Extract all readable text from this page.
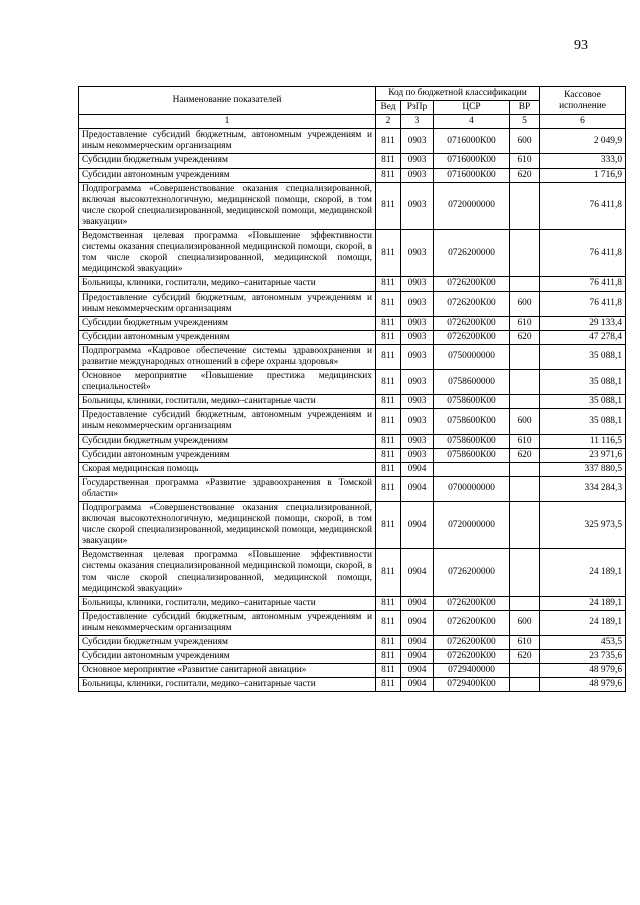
93
Наименование показателей	Код по бюджетной классификации				Кассовое исполнение
	Вед	РзПр	ЦСР	ВР	
1	2	3	4	5	6
Предоставление субсидий бюджетным, автономным учреждениям и иным некоммерческим организациям	811	0903	0716000К00	600	2 049,9
Субсидии бюджетным учреждениям	811	0903	0716000К00	610	333,0
Субсидии автономным учреждениям	811	0903	0716000К00	620	1 716,9
Подпрограмма «Совершенствование оказания специализированной, включая высокотехнологичную, медицинской помощи, скорой, в том числе скорой специализированной, медицинской помощи, медицинской эвакуации»	811	0903	0720000000		76 411,8
Ведомственная целевая программа «Повышение эффективности системы оказания специализированной медицинской помощи, скорой, в том числе скорой специализированной, медицинской помощи, медицинской эвакуации»	811	0903	0726200000		76 411,8
Больницы, клиники, госпитали, медико–санитарные части	811	0903	0726200К00		76 411,8
Предоставление субсидий бюджетным, автономным учреждениям и иным некоммерческим организациям	811	0903	0726200К00	600	76 411,8
Субсидии бюджетным учреждениям	811	0903	0726200К00	610	29 133,4
Субсидии автономным учреждениям	811	0903	0726200К00	620	47 278,4
Подпрограмма «Кадровое обеспечение системы здравоохранения и развитие международных отношений в сфере охраны здоровья»	811	0903	0750000000		35 088,1
Основное мероприятие «Повышение престижа медицинских специальностей»	811	0903	0758600000		35 088,1
Больницы, клиники, госпитали, медико–санитарные части	811	0903	0758600К00		35 088,1
Предоставление субсидий бюджетным, автономным учреждениям и иным некоммерческим организациям	811	0903	0758600К00	600	35 088,1
Субсидии бюджетным учреждениям	811	0903	0758600К00	610	11 116,5
Субсидии автономным учреждениям	811	0903	0758600К00	620	23 971,6
Скорая медицинская помощь	811	0904			337 880,5
Государственная программа «Развитие здравоохранения в Томской области»	811	0904	0700000000		334 284,3
Подпрограмма «Совершенствование оказания специализированной, включая высокотехнологичную, медицинской помощи, скорой, в том числе скорой специализированной, медицинской помощи, медицинской эвакуации»	811	0904	0720000000		325 973,5
Ведомственная целевая программа «Повышение эффективности системы оказания специализированной медицинской помощи, скорой, в том числе скорой специализированной, медицинской помощи, медицинской эвакуации»	811	0904	0726200000		24 189,1
Больницы, клиники, госпитали, медико–санитарные части	811	0904	0726200К00		24 189,1
Предоставление субсидий бюджетным, автономным учреждениям и иным некоммерческим организациям	811	0904	0726200К00	600	24 189,1
Субсидии бюджетным учреждениям	811	0904	0726200К00	610	453,5
Субсидии автономным учреждениям	811	0904	0726200К00	620	23 735,6
Основное мероприятие «Развитие санитарной авиации»	811	0904	0729400000		48 979,6
Больницы, клиники, госпитали, медико–санитарные части	811	0904	0729400К00		48 979,6
